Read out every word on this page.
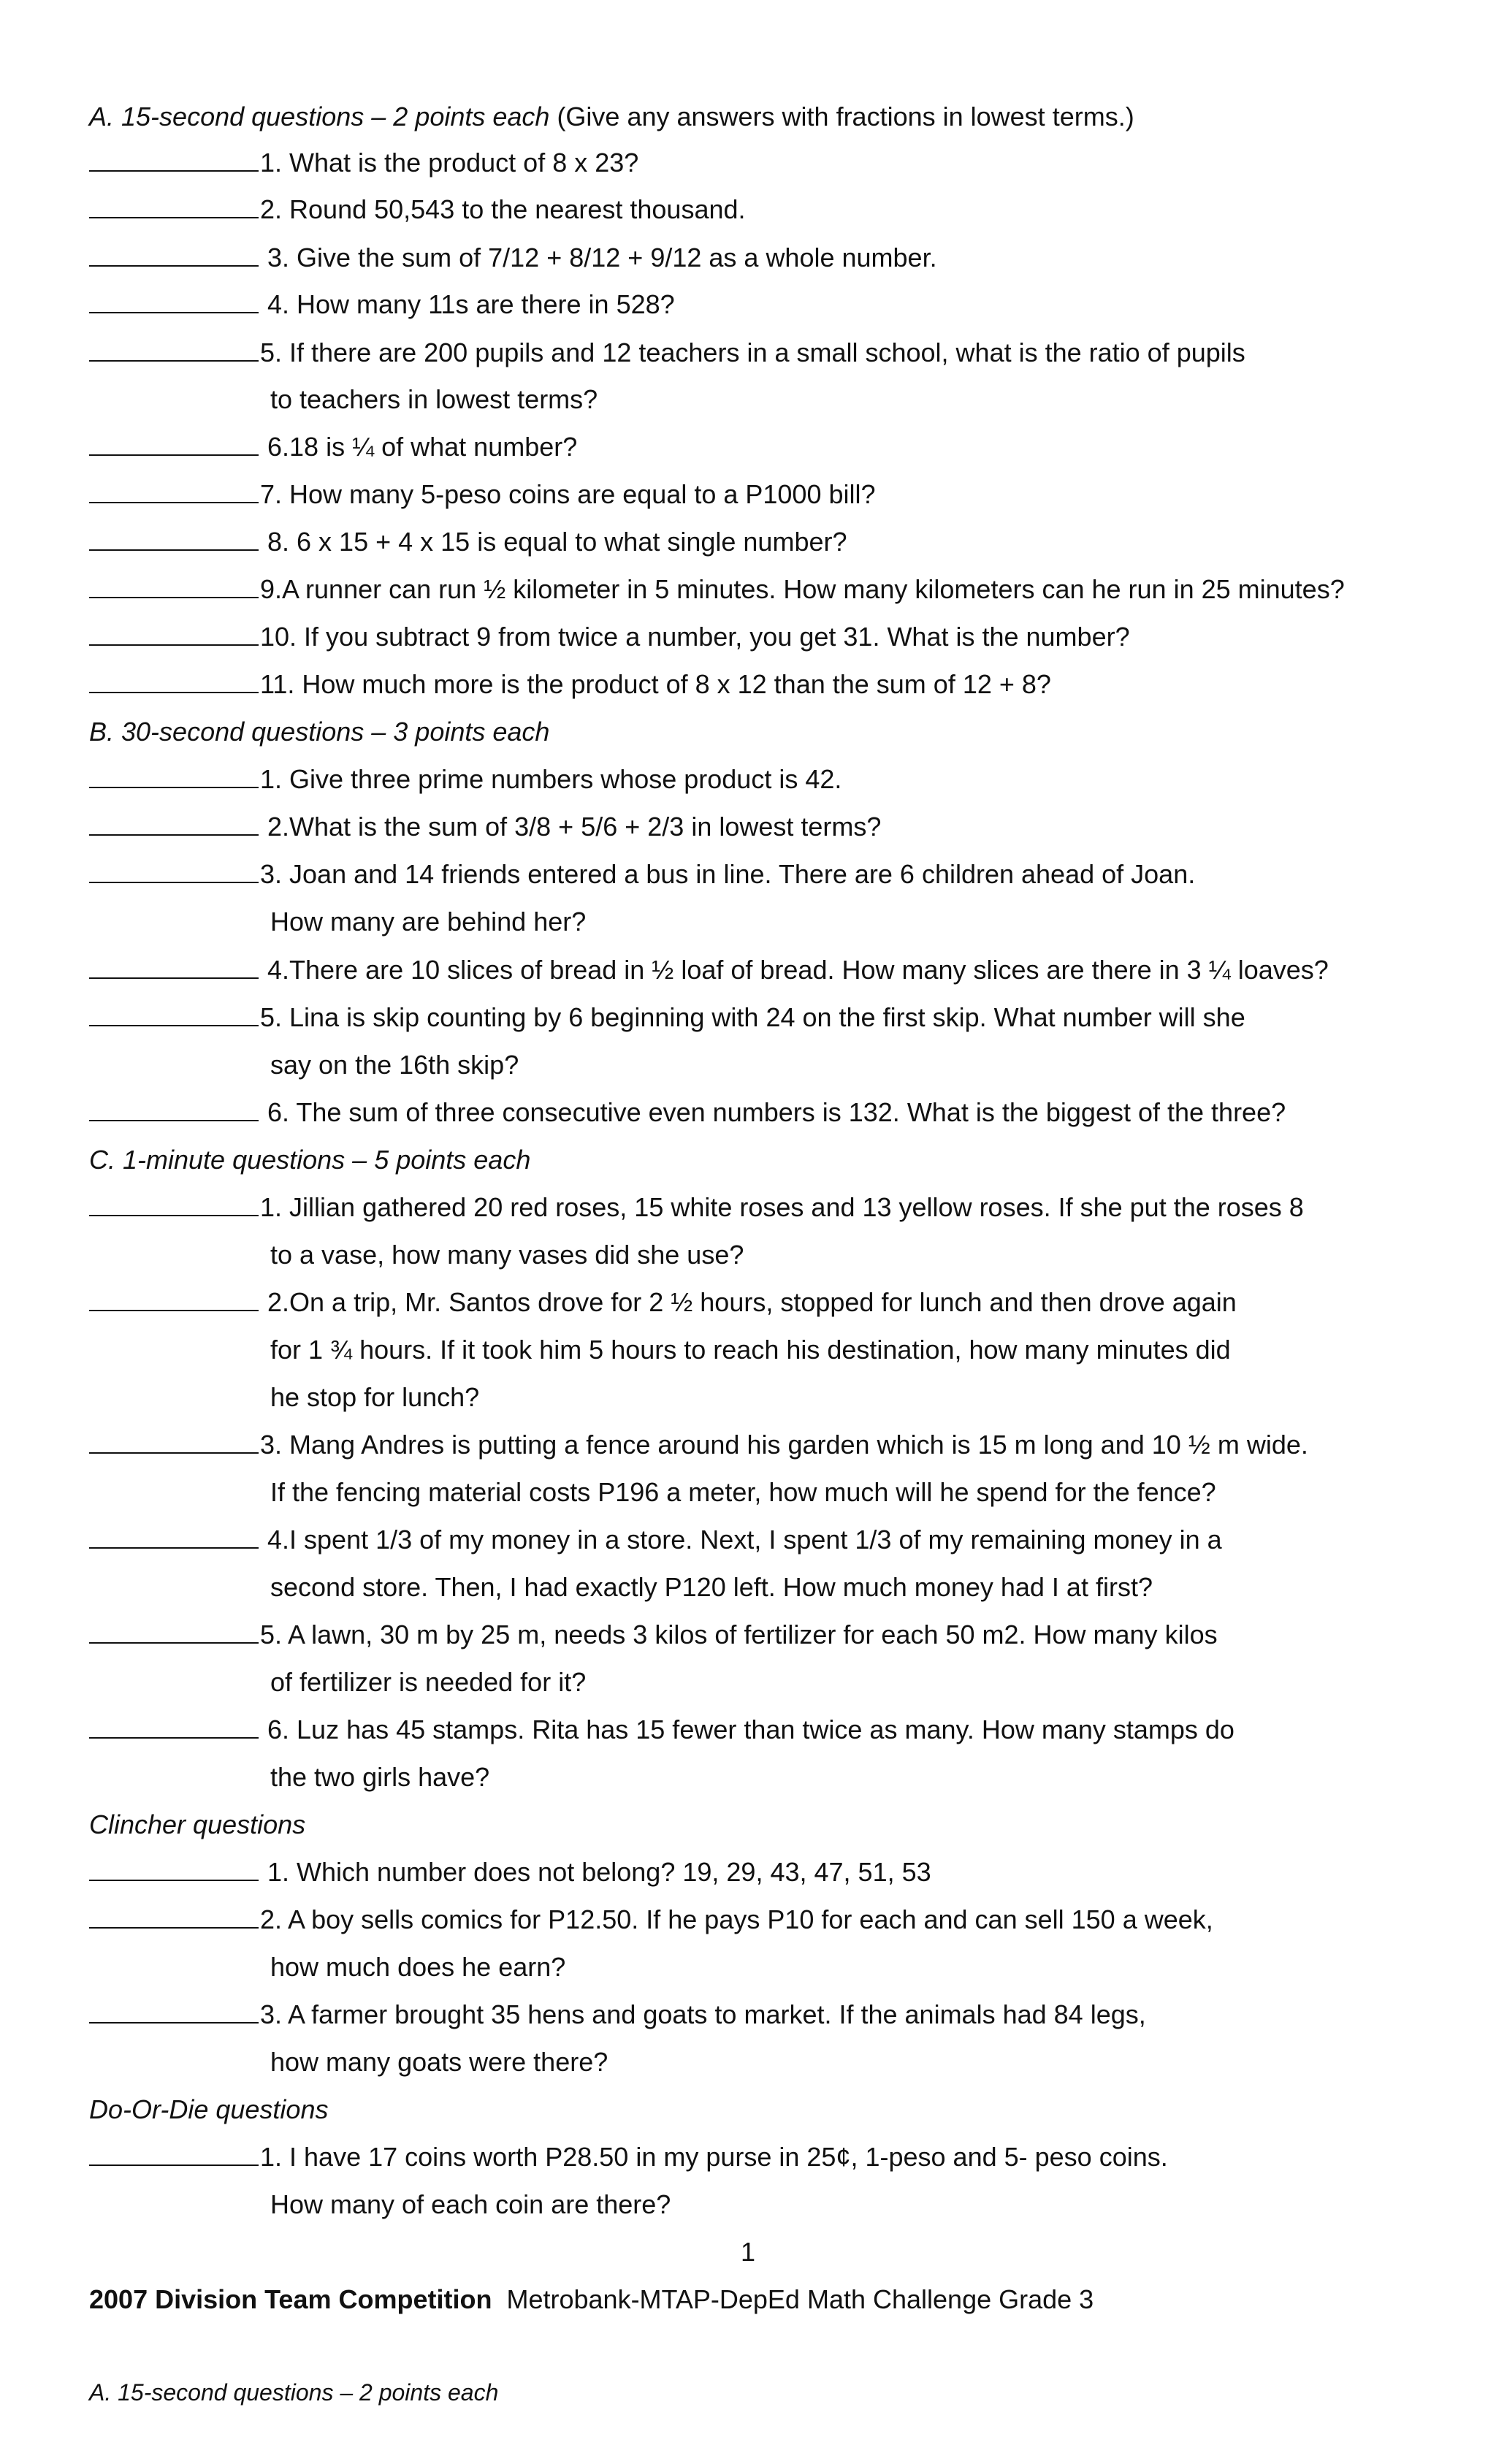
A. 15-second questions – 2 points each (Give any answers with fractions in lowest terms.)
1. What is the product of 8 x 23?
2. Round 50,543 to the nearest thousand.
3. Give the sum of 7/12 + 8/12 + 9/12 as a whole number.
4. How many 11s are there in 528?
5. If there are 200 pupils and 12 teachers in a small school, what is the ratio of pupils
to teachers in lowest terms?
6.18 is ¼ of what number?
7. How many 5-peso coins are equal to a P1000 bill?
8. 6 x 15 + 4 x 15 is equal to what single number?
9.A runner can run ½ kilometer in 5 minutes. How many kilometers can he run in 25 minutes?
10. If you subtract 9 from twice a number, you get 31. What is the number?
11. How much more is the product of 8 x 12 than the sum of 12 + 8?
B. 30-second questions – 3 points each
1. Give three prime numbers whose product is 42.
2.What is the sum of 3/8 + 5/6 + 2/3 in lowest terms?
3. Joan and 14 friends entered a bus in line. There are 6 children ahead of Joan.
How many are behind her?
4.There are 10 slices of bread in ½ loaf of bread. How many slices are there in 3 ¼ loaves?
5. Lina is skip counting by 6 beginning with 24 on the first skip. What number will she
say on the 16th skip?
6. The sum of three consecutive even numbers is 132. What is the biggest of the three?
C. 1-minute questions – 5 points each
1. Jillian gathered 20 red roses, 15 white roses and 13 yellow roses. If she put the roses 8
to a vase, how many vases did she use?
2.On a trip, Mr. Santos drove for 2 ½ hours, stopped for lunch and then drove again
for 1 ¾ hours. If it took him 5 hours to reach his destination, how many minutes did
he stop for lunch?
3. Mang Andres is putting a fence around his garden which is 15 m long and 10 ½ m wide.
If the fencing material costs P196 a meter, how much will he spend for the fence?
4.I spent 1/3 of my money in a store. Next, I spent 1/3 of my remaining money in a
second store. Then, I had exactly P120 left. How much money had I at first?
5. A lawn, 30 m by 25 m, needs 3 kilos of fertilizer for each 50 m2. How many kilos
of fertilizer is needed for it?
6. Luz has 45 stamps. Rita has 15 fewer than twice as many. How many stamps do
the two girls have?
Clincher questions
1. Which number does not belong? 19, 29, 43, 47, 51, 53
2. A boy sells comics for P12.50. If he pays P10 for each and can sell 150 a week,
how much does he earn?
3. A farmer brought 35 hens and goats to market. If the animals had 84 legs,
how many goats were there?
Do-Or-Die questions
1. I have 17 coins worth P28.50 in my purse in 25¢, 1-peso and 5- peso coins.
How many of each coin are there?
1
2007 Division Team Competition Metrobank-MTAP-DepEd Math Challenge Grade 3
A. 15-second questions – 2 points each
